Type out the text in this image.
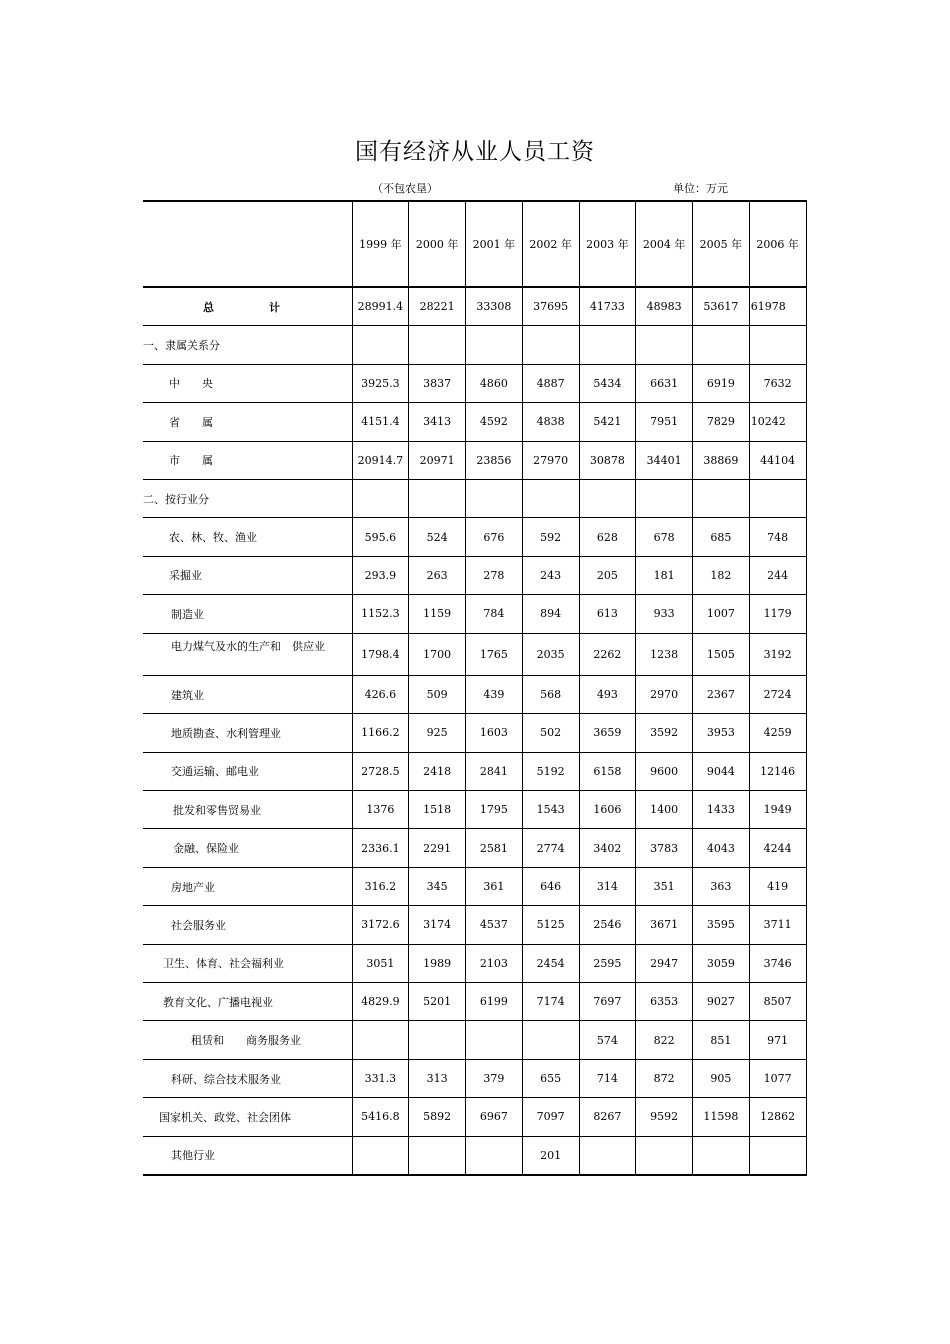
国有经济从业人员工资
（不包农垦）	单位：万元
	1999 年	2000 年	2001 年	2002 年	2003 年	2004 年	2005 年	2006 年
总　　　　　计	28991.4	28221	33308	37695	41733	48983	53617	61978
一、隶属关系分								
中　　央	3925.3	3837	4860	4887	5434	6631	6919	7632
省　　属	4151.4	3413	4592	4838	5421	7951	7829	10242
市　　属	20914.7	20971	23856	27970	30878	34401	38869	44104
二、按行业分								
农、林、牧、渔业	595.6	524	676	592	628	678	685	748
采掘业	293.9	263	278	243	205	181	182	244
制造业	1152.3	1159	784	894	613	933	1007	1179
电力煤气及水的生产和　供应业	1798.4	1700	1765	2035	2262	1238	1505	3192
建筑业	426.6	509	439	568	493	2970	2367	2724
地质勘查、水利管理业	1166.2	925	1603	502	3659	3592	3953	4259
交通运输、邮电业	2728.5	2418	2841	5192	6158	9600	9044	12146
批发和零售贸易业	1376	1518	1795	1543	1606	1400	1433	1949
金融、保险业	2336.1	2291	2581	2774	3402	3783	4043	4244
房地产业	316.2	345	361	646	314	351	363	419
社会服务业	3172.6	3174	4537	5125	2546	3671	3595	3711
卫生、体育、社会福利业	3051	1989	2103	2454	2595	2947	3059	3746
教育文化、广播电视业	4829.9	5201	6199	7174	7697	6353	9027	8507
租赁和　　商务服务业					574	822	851	971
科研、综合技术服务业	331.3	313	379	655	714	872	905	1077
国家机关、政党、社会团体	5416.8	5892	6967	7097	8267	9592	11598	12862
其他行业				201				
